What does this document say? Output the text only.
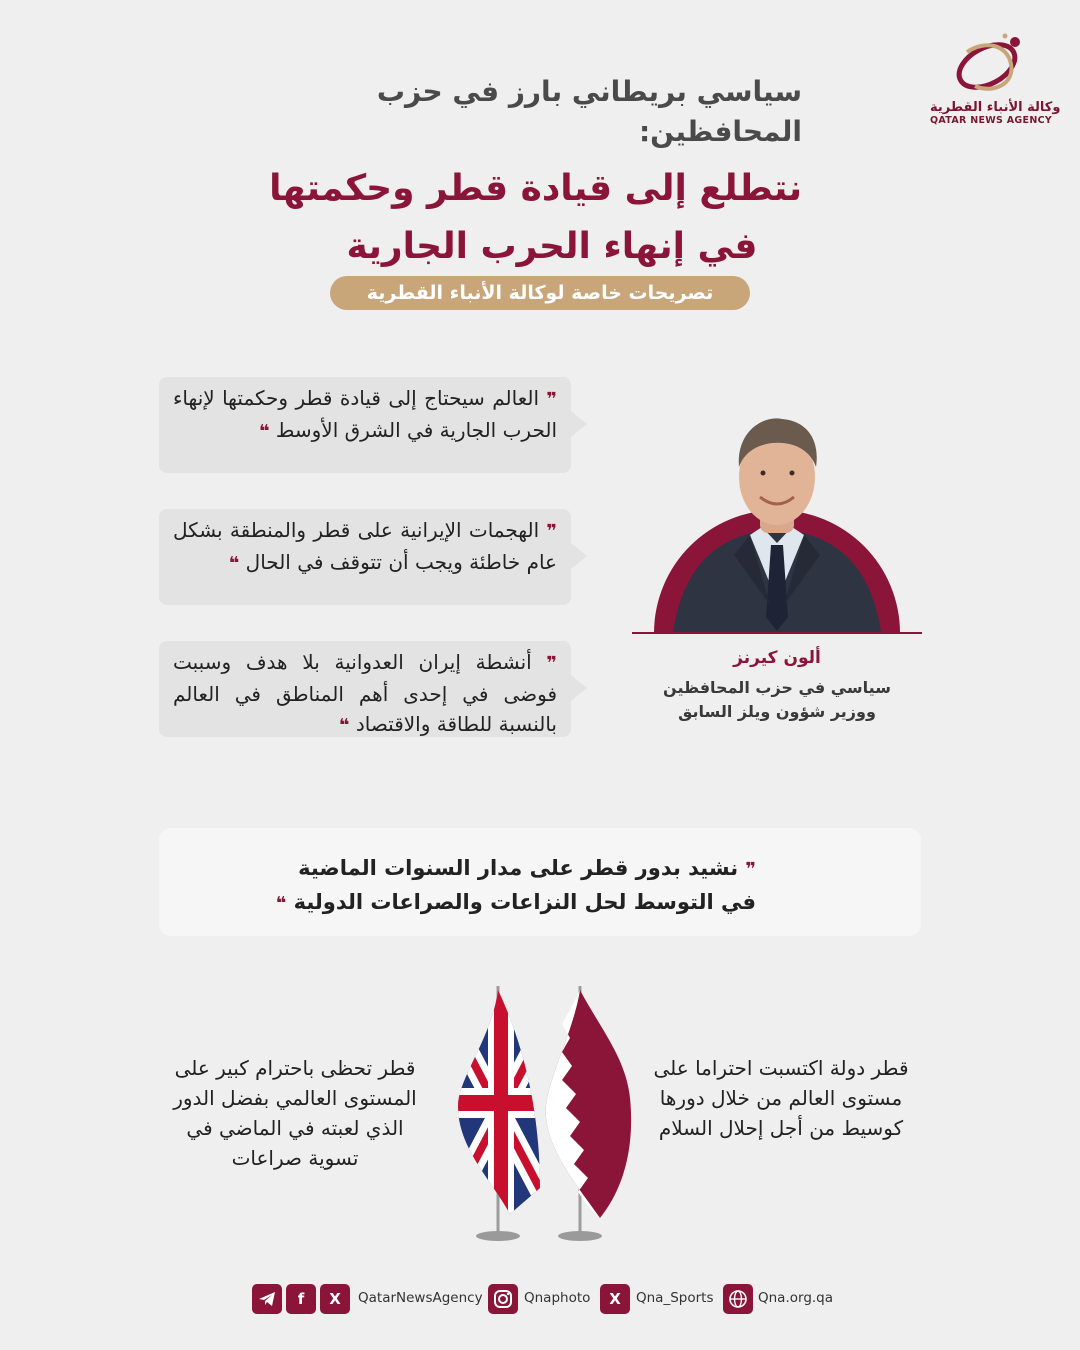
وكالة الأنباء القطرية
QATAR NEWS AGENCY
سياسي بريطاني بارز في حزب المحافظين:
نتطلع إلى قيادة قطر وحكمتها

في إنهاء الحرب الجارية
تصريحات خاصة لوكالة الأنباء القطرية
❞ العالم سيحتاج إلى قيادة قطر وحكمتها لإنهاء الحرب الجارية في الشرق الأوسط ❝
❞ الهجمات الإيرانية على قطر والمنطقة بشكل عام خاطئة ويجب أن تتوقف في الحال ❝
❞ أنشطة إيران العدوانية بلا هدف وسببت فوضى في إحدى أهم المناطق في العالم بالنسبة للطاقة والاقتصاد ❝
ألون كيرنز
سياسي في حزب المحافظين
ووزير شؤون ويلز السابق
❞ نشيد بدور قطر على مدار السنوات الماضية
في التوسط لحل النزاعات والصراعات الدولية ❝
قطر تحظى باحترام كبير على المستوى العالمي بفضل الدور الذي لعبته في الماضي في تسوية صراعات
قطر دولة اكتسبت احتراما على مستوى العالم من خلال دورها كوسيط من أجل إحلال السلام
f	X	QatarNewsAgency	Qnaphoto	X	Qna_Sports	Qna.org.qa
